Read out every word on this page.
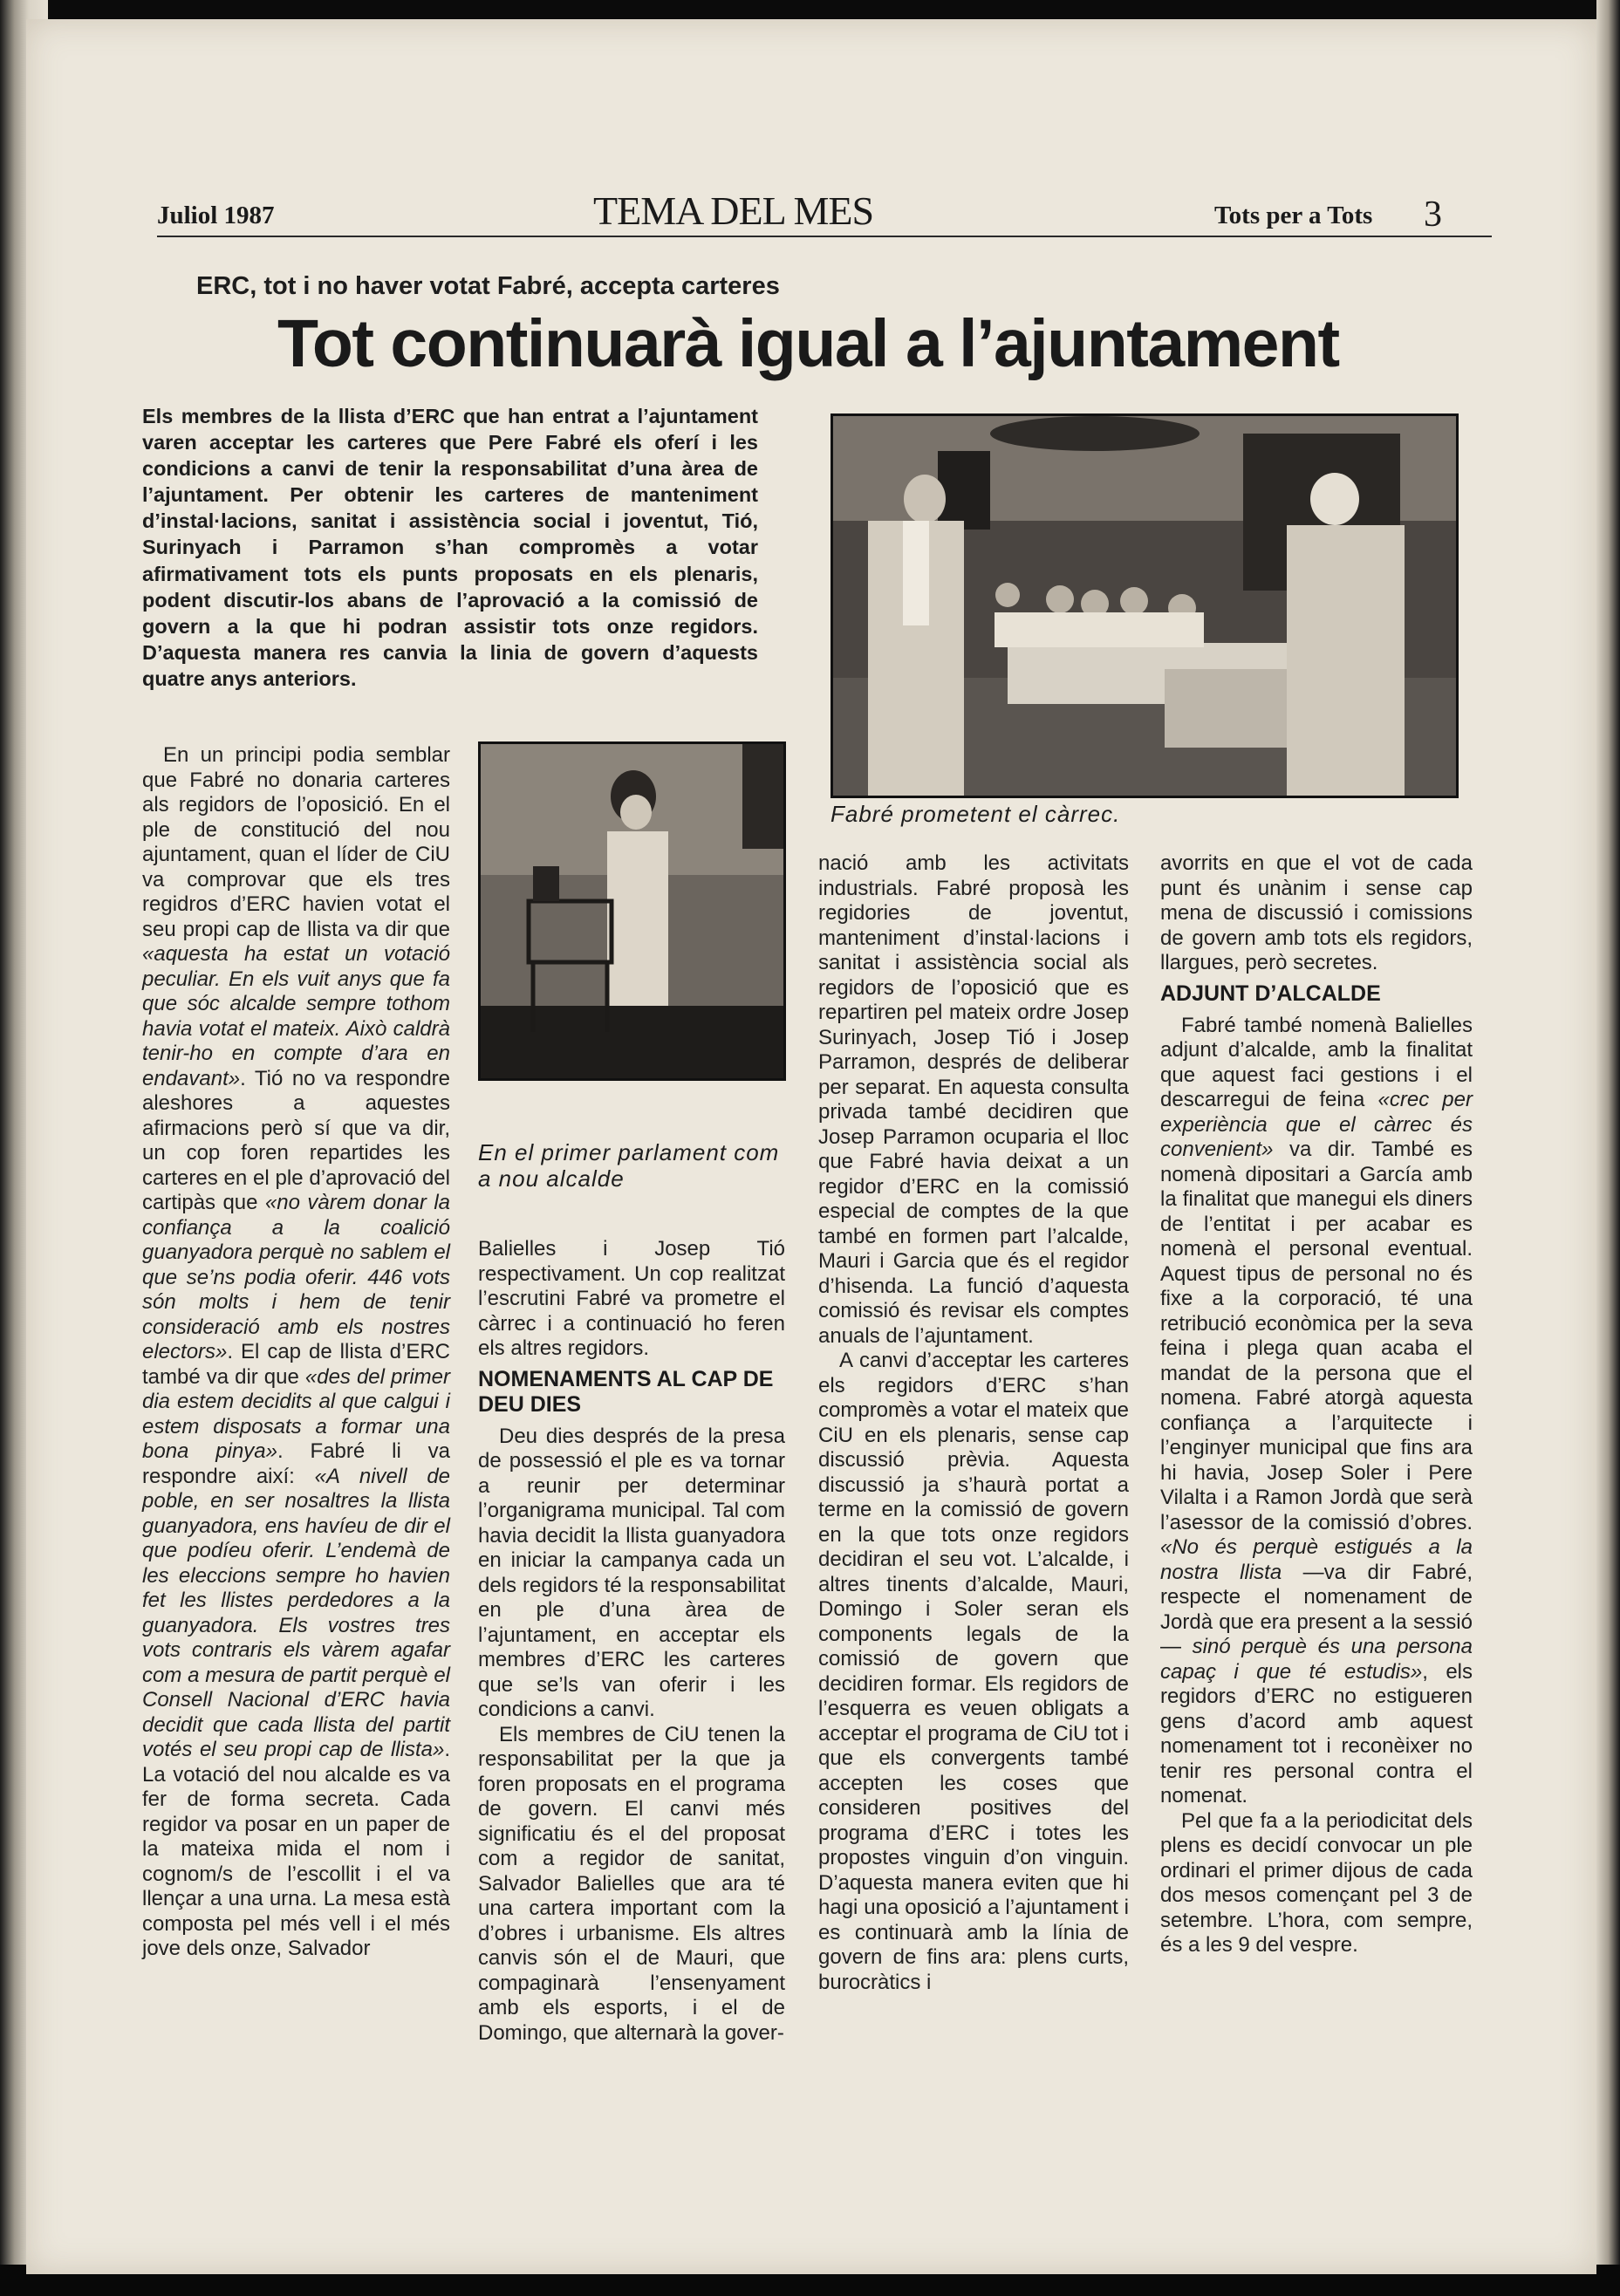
Juliol 1987	TEMA DEL MES	Tots per a Tots 3
ERC, tot i no haver votat Fabré, accepta carteres
Tot continuarà igual a l’ajuntament
Els membres de la llista d’ERC que han entrat a l’ajuntament varen acceptar les carteres que Pere Fabré els oferí i les condicions a canvi de tenir la responsabilitat d’una àrea de l’ajuntament. Per obtenir les carteres de manteniment d’instal·lacions, sanitat i assistència social i joventut, Tió, Surinyach i Parramon s’han compromès a votar afirmativament tots els punts proposats en els plenaris, podent discutir-los abans de l’aprovació a la comissió de govern a la que hi podran assistir tots onze regidors. D’aquesta manera res canvia la linia de govern d’aquests quatre anys anteriors.
Fabré prometent el càrrec.
En el primer parlament com a nou alcalde

En un principi podia semblar que Fabré no donaria carteres als regidors de l’oposició. En el ple de constitució del nou ajuntament, quan el líder de CiU va comprovar que els tres regidros d’ERC havien votat el seu propi cap de llista va dir que «aquesta ha estat un votació peculiar. En els vuit anys que fa que sóc alcalde sempre tothom havia votat el mateix. Això caldrà tenir-ho en compte d’ara en endavant». Tió no va respondre aleshores a aquestes afirmacions però sí que va dir, un cop foren repartides les carteres en el ple d’aprovació del cartipàs que «no vàrem donar la confiança a la coalició guanyadora perquè no sablem el que se’ns podia oferir. 446 vots són molts i hem de tenir consideració amb els nostres electors». El cap de llista d’ERC també va dir que «des del primer dia estem decidits al que calgui i estem disposats a formar una bona pinya». Fabré li va respondre així: «A nivell de poble, en ser nosaltres la llista guanyadora, ens havíeu de dir el que podíeu oferir. L’endemà de les eleccions sempre ho havien fet les llistes perdedores a la guanyadora. Els vostres tres vots contraris els vàrem agafar com a mesura de partit perquè el Consell Nacional d’ERC havia decidit que cada llista del partit votés el seu propi cap de llista». La votació del nou alcalde es va fer de forma secreta. Cada regidor va posar en un paper de la mateixa mida el nom i cognom/s de l’escollit i el va llençar a una urna. La mesa està composta pel més vell i el més jove dels onze, Salvador

Balielles i Josep Tió respectivament. Un cop realitzat l’escrutini Fabré va prometre el càrrec i a continuació ho feren els altres regidors.

NOMENAMENTS AL CAP DE DEU DIES

Deu dies després de la presa de possessió el ple es va tornar a reunir per determinar l’organigrama municipal. Tal com havia decidit la llista guanyadora en iniciar la campanya cada un dels regidors té la responsabilitat en ple d’una àrea de l’ajuntament, en acceptar els membres d’ERC les carteres que se’ls van oferir i les condicions a canvi.

Els membres de CiU tenen la responsabilitat per la que ja foren proposats en el programa de govern. El canvi més significatiu és el del proposat com a regidor de sanitat, Salvador Balielles que ara té una cartera important com la d’obres i urbanisme. Els altres canvis són el de Mauri, que compaginarà l’ensenyament amb els esports, i el de Domingo, que alternarà la gover-

nació amb les activitats industrials. Fabré proposà les regidories de joventut, manteniment d’instal·lacions i sanitat i assistència social als regidors de l’oposició que es repartiren pel mateix ordre Josep Surinyach, Josep Tió i Josep Parramon, després de deliberar per separat. En aquesta consulta privada també decidiren que Josep Parramon ocuparia el lloc que Fabré havia deixat a un regidor d’ERC en la comissió especial de comptes de la que també en formen part l’alcalde, Mauri i Garcia que és el regidor d’hisenda. La funció d’aquesta comissió és revisar els comptes anuals de l’ajuntament.

A canvi d’acceptar les carteres els regidors d’ERC s’han compromès a votar el mateix que CiU en els plenaris, sense cap discussió prèvia. Aquesta discussió ja s’haurà portat a terme en la comissió de govern en la que tots onze regidors decidiran el seu vot. L’alcalde, i altres tinents d’alcalde, Mauri, Domingo i Soler seran els components legals de la comissió de govern que decidiren formar. Els regidors de l’esquerra es veuen obligats a acceptar el programa de CiU tot i que els convergents també accepten les coses que consideren positives del programa d’ERC i totes les propostes vinguin d’on vinguin. D’aquesta manera eviten que hi hagi una oposició a l’ajuntament i es continuarà amb la línia de govern de fins ara: plens curts, burocràtics i

avorrits en que el vot de cada punt és unànim i sense cap mena de discussió i comissions de govern amb tots els regidors, llargues, però secretes.

ADJUNT D’ALCALDE

Fabré també nomenà Balielles adjunt d’alcalde, amb la finalitat que aquest faci gestions i el descarregui de feina «crec per experiència que el càrrec és convenient» va dir. També es nomenà dipositari a García amb la finalitat que manegui els diners de l’entitat i per acabar es nomenà el personal eventual. Aquest tipus de personal no és fixe a la corporació, té una retribució econòmica per la seva feina i plega quan acaba el mandat de la persona que el nomena. Fabré atorgà aquesta confiança a l’arquitecte i l’enginyer municipal que fins ara hi havia, Josep Soler i Pere Vilalta i a Ramon Jordà que serà l’asessor de la comissió d’obres. «No és perquè estigués a la nostra llista —va dir Fabré, respecte el nomenament de Jordà que era present a la sessió— sinó perquè és una persona capaç i que té estudis», els regidors d’ERC no estigueren gens d’acord amb aquest nomenament tot i reconèixer no tenir res personal contra el nomenat.

Pel que fa a la periodicitat dels plens es decidí convocar un ple ordinari el primer dijous de cada dos mesos començant pel 3 de setembre. L’hora, com sempre, és a les 9 del vespre.
